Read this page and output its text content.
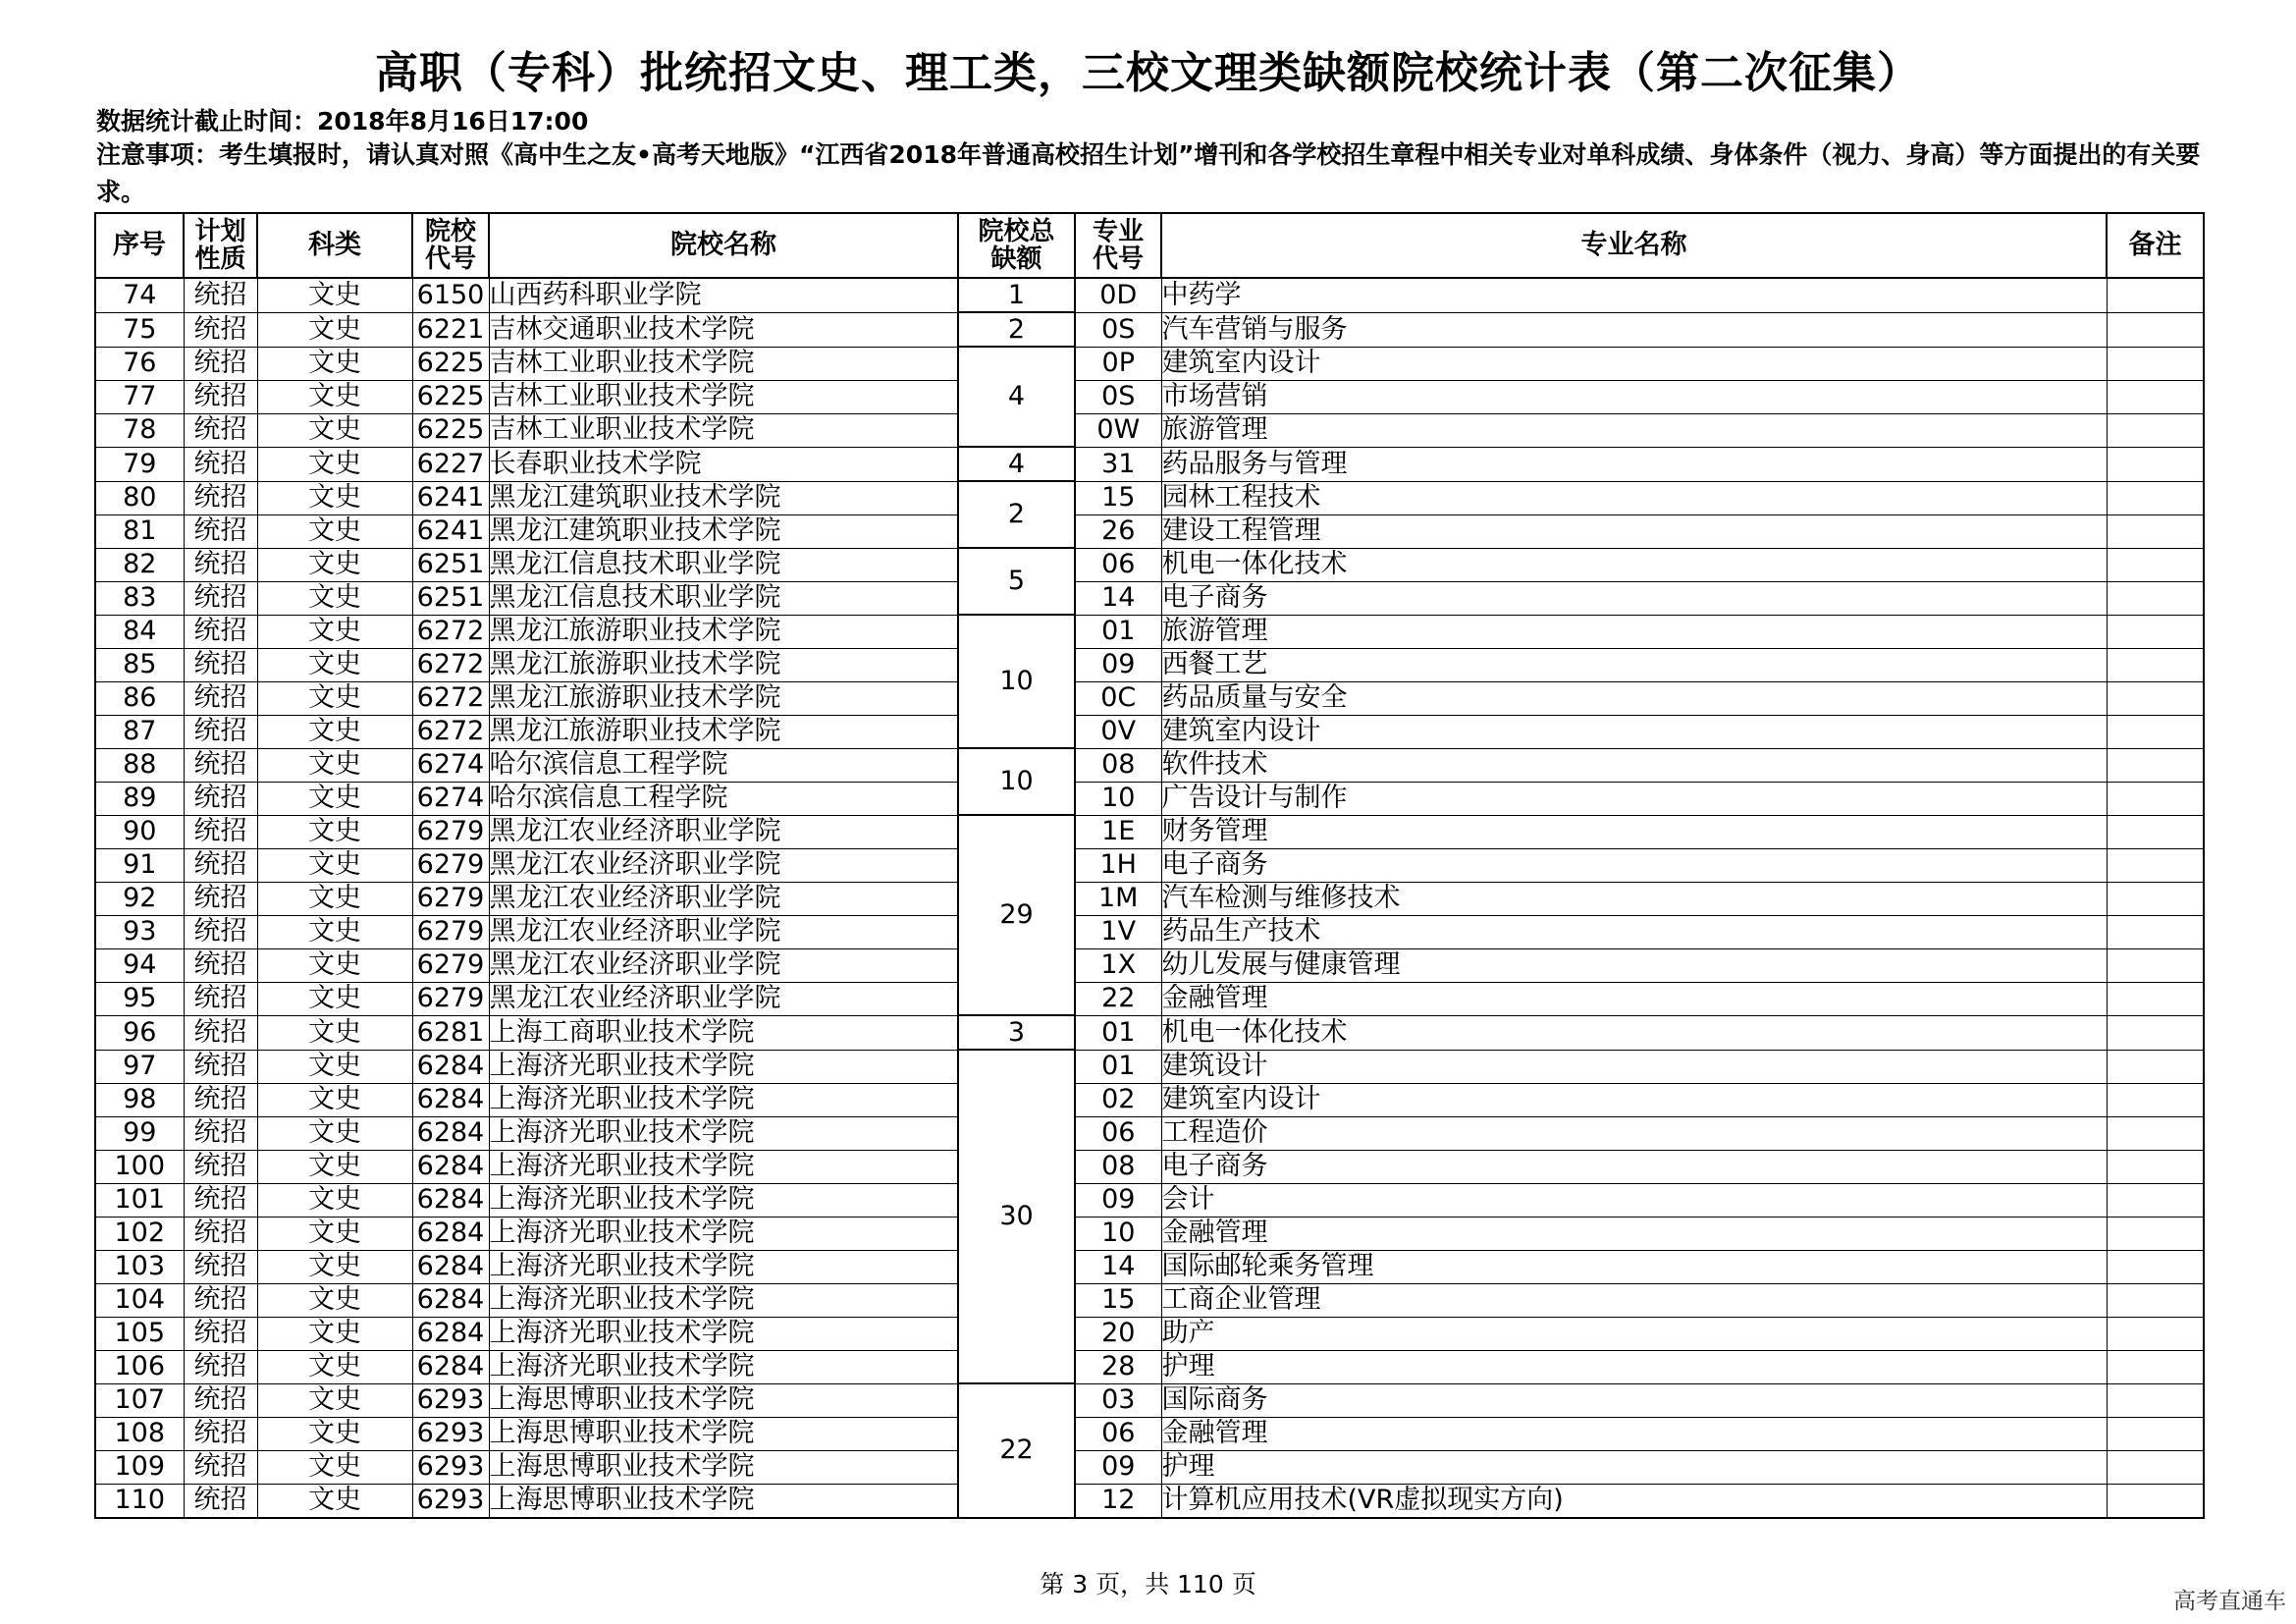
高职（专科）批统招文史、理工类，三校文理类缺额院校统计表（第二次征集）
数据统计截止时间：2018年8月16日17:00
注意事项：考生填报时，请认真对照《高中生之友•高考天地版》“江西省2018年普通高校招生计划”增刊和各学校招生章程中相关专业对单科成绩、身体条件（视力、身高）等方面提出的有关要求。
序号	计划性质	科类	院校代号	院校名称	院校总缺额	专业代号	专业名称	备注
74	统招	文史	6150	山西药科职业学院	1	0D	中药学	
75	统招	文史	6221	吉林交通职业技术学院	2	0S	汽车营销与服务	
76	统招	文史	6225	吉林工业职业技术学院	4	0P	建筑室内设计	
77	统招	文史	6225	吉林工业职业技术学院		0S	市场营销	
78	统招	文史	6225	吉林工业职业技术学院		0W	旅游管理	
79	统招	文史	6227	长春职业技术学院	4	31	药品服务与管理	
80	统招	文史	6241	黑龙江建筑职业技术学院	2	15	园林工程技术	
81	统招	文史	6241	黑龙江建筑职业技术学院		26	建设工程管理	
82	统招	文史	6251	黑龙江信息技术职业学院	5	06	机电一体化技术	
83	统招	文史	6251	黑龙江信息技术职业学院		14	电子商务	
84	统招	文史	6272	黑龙江旅游职业技术学院	10	01	旅游管理	
85	统招	文史	6272	黑龙江旅游职业技术学院		09	西餐工艺	
86	统招	文史	6272	黑龙江旅游职业技术学院		0C	药品质量与安全	
87	统招	文史	6272	黑龙江旅游职业技术学院		0V	建筑室内设计	
88	统招	文史	6274	哈尔滨信息工程学院	10	08	软件技术	
89	统招	文史	6274	哈尔滨信息工程学院		10	广告设计与制作	
90	统招	文史	6279	黑龙江农业经济职业学院	29	1E	财务管理	
91	统招	文史	6279	黑龙江农业经济职业学院		1H	电子商务	
92	统招	文史	6279	黑龙江农业经济职业学院		1M	汽车检测与维修技术	
93	统招	文史	6279	黑龙江农业经济职业学院		1V	药品生产技术	
94	统招	文史	6279	黑龙江农业经济职业学院		1X	幼儿发展与健康管理	
95	统招	文史	6279	黑龙江农业经济职业学院		22	金融管理	
96	统招	文史	6281	上海工商职业技术学院	3	01	机电一体化技术	
97	统招	文史	6284	上海济光职业技术学院	30	01	建筑设计	
98	统招	文史	6284	上海济光职业技术学院		02	建筑室内设计	
99	统招	文史	6284	上海济光职业技术学院		06	工程造价	
100	统招	文史	6284	上海济光职业技术学院		08	电子商务	
101	统招	文史	6284	上海济光职业技术学院		09	会计	
102	统招	文史	6284	上海济光职业技术学院		10	金融管理	
103	统招	文史	6284	上海济光职业技术学院		14	国际邮轮乘务管理	
104	统招	文史	6284	上海济光职业技术学院		15	工商企业管理	
105	统招	文史	6284	上海济光职业技术学院		20	助产	
106	统招	文史	6284	上海济光职业技术学院		28	护理	
107	统招	文史	6293	上海思博职业技术学院	22	03	国际商务	
108	统招	文史	6293	上海思博职业技术学院		06	金融管理	
109	统招	文史	6293	上海思博职业技术学院		09	护理	
110	统招	文史	6293	上海思博职业技术学院		12	计算机应用技术(VR虚拟现实方向)	
第 3 页，共 110 页
高考直通车
